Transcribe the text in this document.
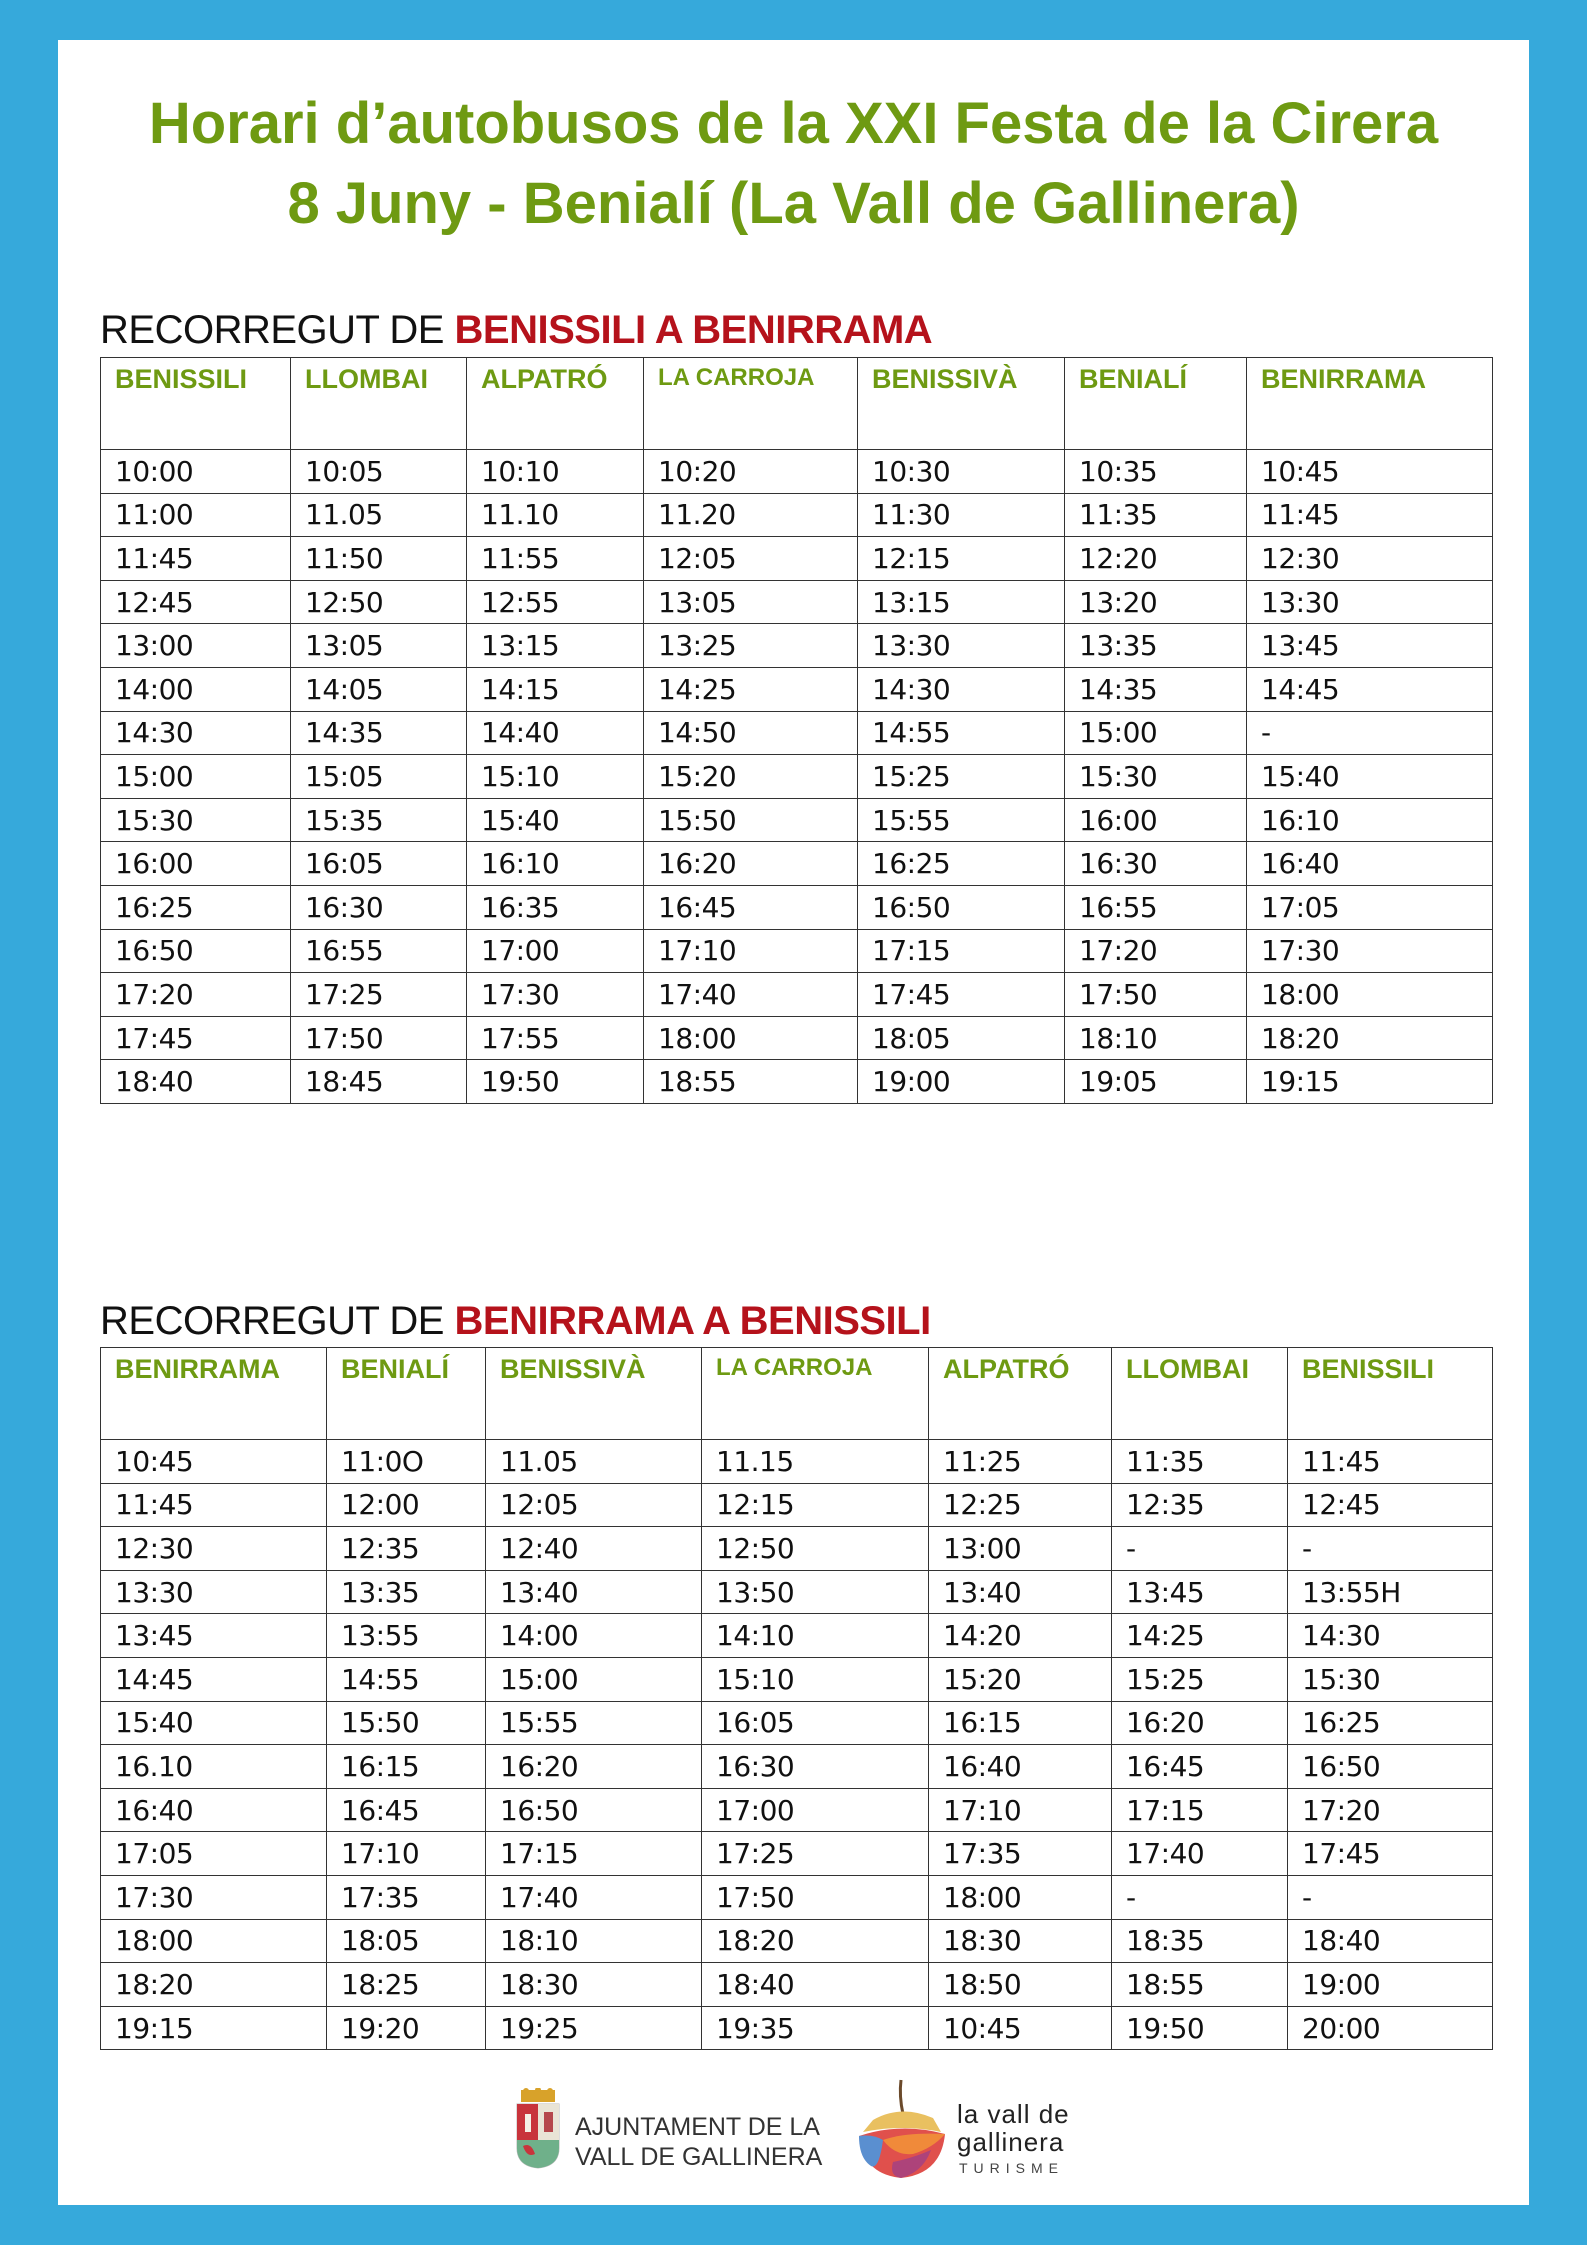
Horari d’autobusos de la XXI Festa de la Cirera
8 Juny - Benialí (La Vall de Gallinera)
RECORREGUT DE BENISSILI A BENIRRAMA
BENISSILI	LLOMBAI	ALPATRÓ	LA CARROJA	BENISSIVÀ	BENIALÍ	BENIRRAMA
10:00	10:05	10:10	10:20	10:30	10:35	10:45
11:00	11.05	11.10	11.20	11:30	11:35	11:45
11:45	11:50	11:55	12:05	12:15	12:20	12:30
12:45	12:50	12:55	13:05	13:15	13:20	13:30
13:00	13:05	13:15	13:25	13:30	13:35	13:45
14:00	14:05	14:15	14:25	14:30	14:35	14:45
14:30	14:35	14:40	14:50	14:55	15:00	-
15:00	15:05	15:10	15:20	15:25	15:30	15:40
15:30	15:35	15:40	15:50	15:55	16:00	16:10
16:00	16:05	16:10	16:20	16:25	16:30	16:40
16:25	16:30	16:35	16:45	16:50	16:55	17:05
16:50	16:55	17:00	17:10	17:15	17:20	17:30
17:20	17:25	17:30	17:40	17:45	17:50	18:00
17:45	17:50	17:55	18:00	18:05	18:10	18:20
18:40	18:45	19:50	18:55	19:00	19:05	19:15
RECORREGUT DE BENIRRAMA A BENISSILI
BENIRRAMA	BENIALÍ	BENISSIVÀ	LA CARROJA	ALPATRÓ	LLOMBAI	BENISSILI
10:45	11:0O	11.05	11.15	11:25	11:35	11:45
11:45	12:00	12:05	12:15	12:25	12:35	12:45
12:30	12:35	12:40	12:50	13:00	-	-
13:30	13:35	13:40	13:50	13:40	13:45	13:55H
13:45	13:55	14:00	14:10	14:20	14:25	14:30
14:45	14:55	15:00	15:10	15:20	15:25	15:30
15:40	15:50	15:55	16:05	16:15	16:20	16:25
16.10	16:15	16:20	16:30	16:40	16:45	16:50
16:40	16:45	16:50	17:00	17:10	17:15	17:20
17:05	17:10	17:15	17:25	17:35	17:40	17:45
17:30	17:35	17:40	17:50	18:00	-	-
18:00	18:05	18:10	18:20	18:30	18:35	18:40
18:20	18:25	18:30	18:40	18:50	18:55	19:00
19:15	19:20	19:25	19:35	10:45	19:50	20:00
AJUNTAMENT DE LA
VALL DE GALLINERA
la vall de
gallinera
TURISME
